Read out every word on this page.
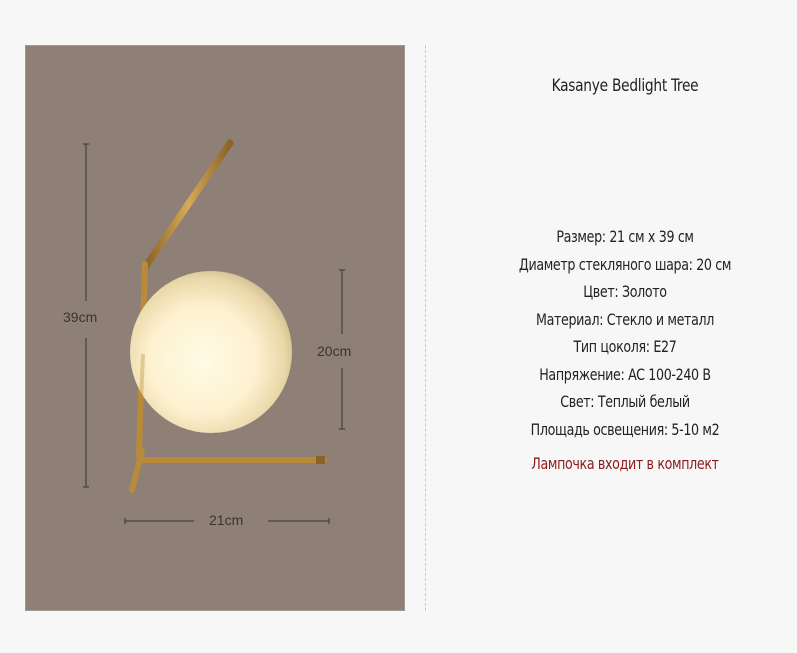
39cm
20cm
21cm
Kasanye Bedlight Tree
Размер: 21 см х 39 см
Диаметр стекляного шара: 20 см
Цвет: Золото
Материал: Стекло и металл
Тип цоколя: E27
Напряжение: AC 100-240 В
Свет: Теплый белый
Площадь освещения: 5-10 м2
Лампочка входит в комплект
